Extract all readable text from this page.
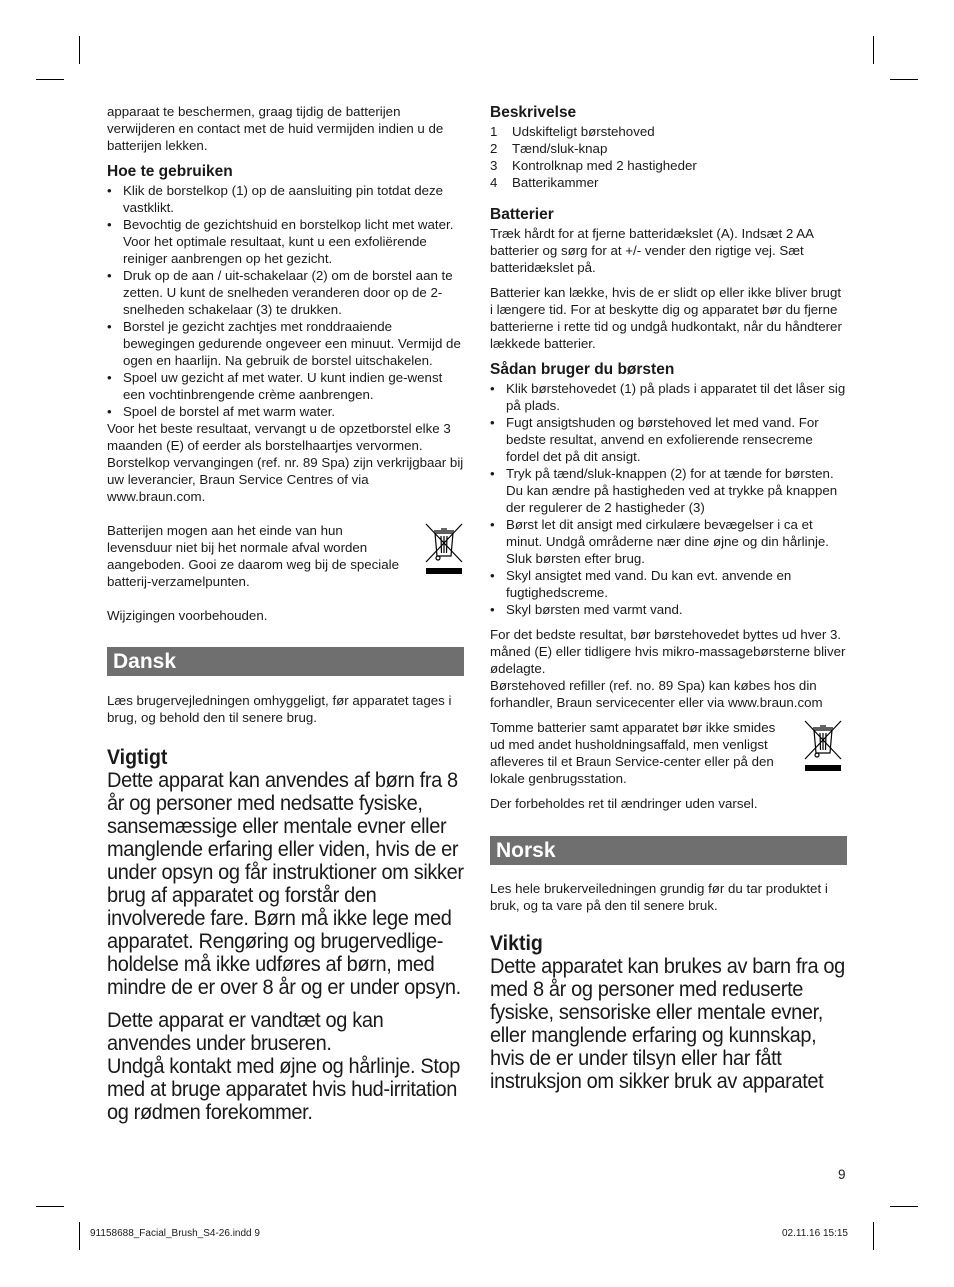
apparaat te beschermen, graag tijdig de batterijen verwijderen en contact met de huid vermijden indien u de batterijen lekken.

Hoe te gebruiken
• Klik de borstelkop (1) op de aansluiting pin totdat deze vastklikt.
• Bevochtig de gezichtshuid en borstelkop licht met water. Voor het optimale resultaat, kunt u een exfoliërende reiniger aanbrengen op het gezicht.
• Druk op de aan / uit-schakelaar (2) om de borstel aan te zetten. U kunt de snelheden veranderen door op de 2-snelheden schakelaar (3) te drukken.
• Borstel je gezicht zachtjes met ronddraaiende bewegingen gedurende ongeveer een minuut. Vermijd de ogen en haarlijn. Na gebruik de borstel uitschakelen.
• Spoel uw gezicht af met water. U kunt indien ge-wenst een vochtinbrengende crème aanbrengen.
• Spoel de borstel af met warm water.

Voor het beste resultaat, vervangt u de opzetborstel elke 3 maanden (E) of eerder als borstelhaartjes vervormen.

Borstelkop vervangingen (ref. nr. 89 Spa) zijn verkrijgbaar bij uw leverancier, Braun Service Centres of via www.braun.com.

Batterijen mogen aan het einde van hun levensduur niet bij het normale afval worden aangeboden. Gooi ze daarom weg bij de speciale batterij-verzamelpunten.

Wijzigingen voorbehouden.

Dansk

Læs brugervejledningen omhyggeligt, før apparatet tages i brug, og behold den til senere brug.

Vigtigt

Dette apparat kan anvendes af børn fra 8 år og personer med nedsatte fysiske, sansemæssige eller mentale evner eller manglende erfaring eller viden, hvis de er under opsyn og får instruktioner om sikker brug af apparatet og forstår den involverede fare. Børn må ikke lege med apparatet. Rengøring og brugervedlige-holdelse må ikke udføres af børn, med mindre de er over 8 år og er under opsyn.

Dette apparat er vandtæt og kan anvendes under bruseren.

Undgå kontakt med øjne og hårlinje. Stop med at bruge apparatet hvis hud-irritation og rødmen forekommer.

Beskrivelse
1 Udskifteligt børstehoved
2 Tænd/sluk-knap
3 Kontrolknap med 2 hastigheder
4 Batterikammer
Batterier

Træk hårdt for at fjerne batteridækslet (A). Indsæt 2 AA batterier og sørg for at +/- vender den rigtige vej. Sæt batteridækslet på.

Batterier kan lække, hvis de er slidt op eller ikke bliver brugt i længere tid. For at beskytte dig og apparatet bør du fjerne batterierne i rette tid og undgå hudkontakt, når du håndterer lækkede batterier.

Sådan bruger du børsten
• Klik børstehovedet (1) på plads i apparatet til det låser sig på plads.
• Fugt ansigtshuden og børstehoved let med vand. For bedste resultat, anvend en exfolierende rensecreme fordel det på dit ansigt.
• Tryk på tænd/sluk-knappen (2) for at tænde for børsten. Du kan ændre på hastigheden ved at trykke på knappen der regulerer de 2 hastigheder (3)
• Børst let dit ansigt med cirkulære bevægelser i ca et minut. Undgå områderne nær dine øjne og din hårlinje. Sluk børsten efter brug.
• Skyl ansigtet med vand. Du kan evt. anvende en fugtighedscreme.
• Skyl børsten med varmt vand.

For det bedste resultat, bør børstehovedet byttes ud hver 3. måned (E) eller tidligere hvis mikro-massagebørsterne bliver ødelagte.

Børstehoved refiller (ref. no. 89 Spa) kan købes hos din forhandler, Braun servicecenter eller via www.braun.com

Tomme batterier samt apparatet bør ikke smides ud med andet husholdningsaffald, men venligst afleveres til et Braun Service-center eller på den lokale genbrugsstation.

Der forbeholdes ret til ændringer uden varsel.

Norsk

Les hele brukerveiledningen grundig før du tar produktet i bruk, og ta vare på den til senere bruk.

Viktig

Dette apparatet kan brukes av barn fra og med 8 år og personer med reduserte fysiske, sensoriske eller mentale evner, eller manglende erfaring og kunnskap, hvis de er under tilsyn eller har fått instruksjon om sikker bruk av apparatet

9
91158688_Facial_Brush_S4-26.indd 9	02.11.16 15:15
